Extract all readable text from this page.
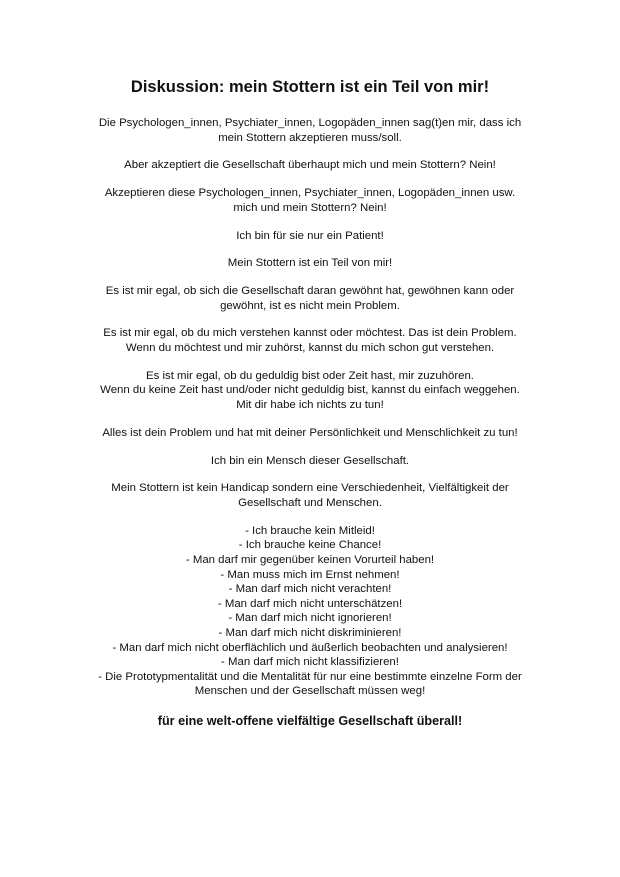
Diskussion: mein Stottern ist ein Teil von mir!
Die Psychologen_innen, Psychiater_innen, Logopäden_innen sag(t)en mir, dass ich
mein Stottern akzeptieren muss/soll.
Aber akzeptiert die Gesellschaft überhaupt mich und mein Stottern? Nein!
Akzeptieren diese Psychologen_innen, Psychiater_innen, Logopäden_innen usw.
mich und mein Stottern? Nein!
Ich bin für sie nur ein Patient!
Mein Stottern ist ein Teil von mir!
Es ist mir egal, ob sich die Gesellschaft daran gewöhnt hat, gewöhnen kann oder
gewöhnt, ist es nicht mein Problem.
Es ist mir egal, ob du mich verstehen kannst oder möchtest. Das ist dein Problem.
Wenn du möchtest und mir zuhörst, kannst du mich schon gut verstehen.
Es ist mir egal, ob du geduldig bist oder Zeit hast, mir zuzuhören.
Wenn du keine Zeit hast und/oder nicht geduldig bist, kannst du einfach weggehen.
Mit dir habe ich nichts zu tun!
Alles ist dein Problem und hat mit deiner Persönlichkeit und Menschlichkeit zu tun!
Ich bin ein Mensch dieser Gesellschaft.
Mein Stottern ist kein Handicap sondern eine Verschiedenheit, Vielfältigkeit der
Gesellschaft und Menschen.
- Ich brauche kein Mitleid!
- Ich brauche keine Chance!
- Man darf mir gegenüber keinen Vorurteil haben!
- Man muss mich im Ernst nehmen!
- Man darf mich nicht verachten!
- Man darf mich nicht unterschätzen!
- Man darf mich nicht ignorieren!
- Man darf mich nicht diskriminieren!
- Man darf mich nicht oberflächlich und äußerlich beobachten und analysieren!
- Man darf mich nicht klassifizieren!
- Die Prototypmentalität und die Mentalität für nur eine bestimmte einzelne Form der
Menschen und der Gesellschaft müssen weg!

für eine welt-offene vielfältige Gesellschaft überall!
